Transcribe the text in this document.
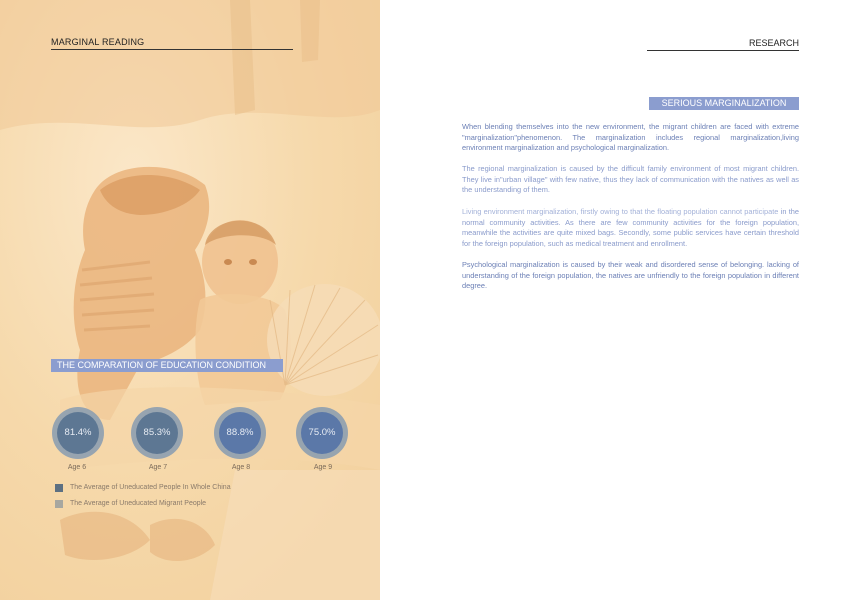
MARGINAL READING
THE COMPARATION OF EDUCATION CONDITION
81.4%	85.3%	88.8%	75.0%
Age 6	Age 7	Age 8	Age 9
The Average of Uneducated People In Whole China
The Average of Uneducated Migrant People
RESEARCH
SERIOUS MARGINALIZATION

When blending themselves into the new environment, the migrant children are faced with extreme "marginalization"phenomenon. The marginalization includes regional marginalization,living environment marginalization and psychological marginalization.

The regional marginalization is caused by the difficult family environment of most migrant children. They live in"urban village" with few native, thus they lack of communication with the natives as well as the understanding of them.

Living environment marginalization, firstly owing to that the floating population cannot participate in the normal community activities. As there are few community activities for the foreign population, meanwhile the activities are quite mixed bags. Secondly, some public services have certain threshold for the foreign population, such as medical treatment and enrollment.

Psychological marginalization is caused by their weak and disordered sense of belonging. lacking of understanding of the foreign population, the natives are unfriendly to the foreign population in different degree.
